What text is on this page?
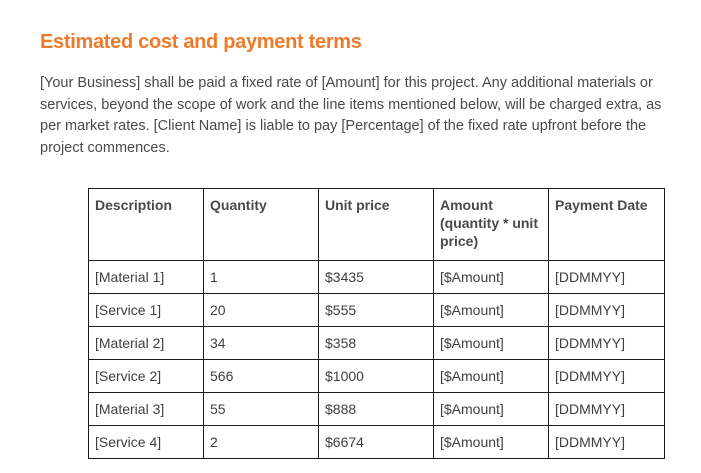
Estimated cost and payment terms

[Your Business] shall be paid a fixed rate of [Amount] for this project. Any additional materials or services, beyond the scope of work and the line items mentioned below, will be charged extra, as per market rates. [Client Name] is liable to pay [Percentage] of the fixed rate upfront before the project commences.

Description	Quantity	Unit price	Amount (quantity * unit price)	Payment Date
[Material 1]	1	$3435	[$Amount]	[DDMMYY]
[Service 1]	20	$555	[$Amount]	[DDMMYY]
[Material 2]	34	$358	[$Amount]	[DDMMYY]
[Service 2]	566	$1000	[$Amount]	[DDMMYY]
[Material 3]	55	$888	[$Amount]	[DDMMYY]
[Service 4]	2	$6674	[$Amount]	[DDMMYY]
